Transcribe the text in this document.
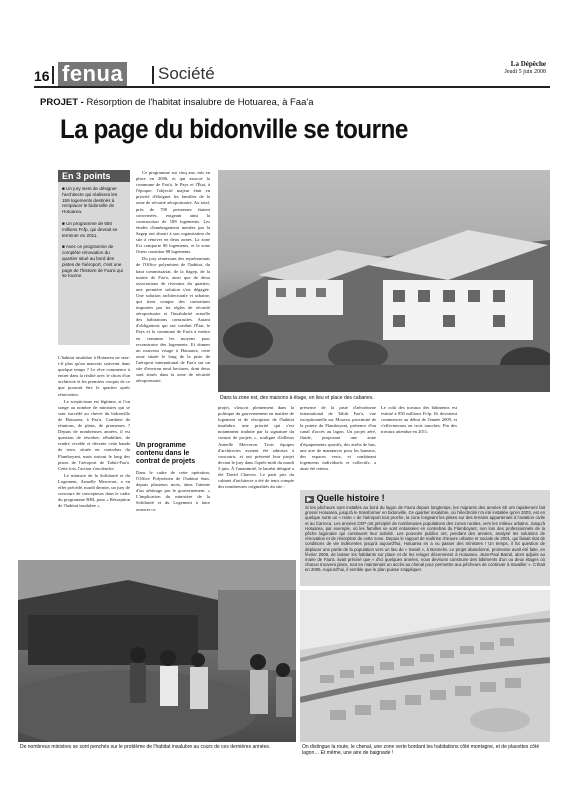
16 fenua Société	La Dépêche
Jeudi 5 juin 2008
PROJET - Résorption de l'habitat insalubre de Hotuarea, à Faa'a
La page du bidonville se tourne
En 3 points
■ Un jury vient de désigner l'architecte qui réalisera les 159 logements destinés à remplacer le bidonville de Hotuarea.
■ Un programme de 650 millions Fcfp, qui devrait se terminer en 2011.
■ Avec ce programme de complète rénovation du quartier situé au bord des pistes de l'aéroport, c'est une page de l'histoire de Faa'a qui se tourne.

L'habitat insalubre à Hotuarea ne sera-t-il plus qu'un mauvais souvenir dans quelque temps ? Le rêve commence à entrer dans la réalité avec le choix d'un architecte et les premiers croquis de ce que pourrait être le quartier après rénovation.

Le scepticisme est légitime, si l'on songe au nombre de ministres qui se sont succédé au chevet du bidonville de Hotuarea, à Faa'a. Combien de réunions, de plans, de promesses ? Depuis de nombreuses années, il est question de résorber, réhabiliter, de rendre vivable et décente cette bande de terre, située en contrebas du Flamboyant, mais surtout le long des pistes de l'aéroport de Tahiti-Faa'a. Cette fois, l'action s'enclenche.

Le ministre de la Solidarité et du Logement, Armelle Merceron, a en effet précédé, mardi dernier, un jury de concours de concepteurs dans le cadre du programme RHI, pour « Résorption de l'habitat insalubre ».

Ce programme sur cinq ans, mis en place en 2006, et qui associe la commune de Faa'a, le Pays et l'État, à l'époque, l'objectif majeur était en priorité d'éloigner les familles de la zone de sécurité aéroportuaire. Au total, près de 700 personnes étaient concernées, exigeant ainsi la construction de 188 logements. Les études d'aménagement menées par la Sagep ont abouti à son organisation du site à rénover en deux zones. La zone Est comporte 80 logements, et la zone Ouest constitue 88 logements.

Du jury réunissant des représentants de l'Office polynésien de l'habitat, du haut commissariat, de la Sagep, de la mairie de Faa'a, ainsi que de deux associations de riverains du quartier, une première solution s'est dégagée. Une solution architecturale et urbaine, qui tient compte des contraintes imposées par les règles de sécurité aéroportuaire et l'insalubrité actuelle des habitations construites. Autant d'obligations qui ont conduit l'État, le Pays et la commune de Faa'a à mettre en commun les moyens pour reconstruire des logements. Et donner un nouveau visage à Hotuarea, cette zone située le long de la piste de l'aéroport international de Faa'a sur un site d'environ neuf hectares, dont deux sont situés dans la zone de sécurité aéroportuaire.

Un programme contenu dans le contrat de projets
Dans le cadre de cette opération, l'Office Polynésien de l'habitat était, depuis plusieurs mois, dans l'attente d'un arbitrage par le gouvernement. « L'implication du ministère de la Solidarité et du Logement à faire avancer ce
Dans la zone est, des maisons à étage, en lieu et place des cabanes.
projet, s'inscrit pleinement dans la politique du gouvernement en matière de logement et de résorption de l'habitat insalubre, une priorité qui s'est notamment traduite par la signature du contrat de projets », souligne d'ailleurs Armelle Merceron. Trois équipes d'architectes avaient été admises à concourir, et ont présenté leur projet devant le jury dans l'après-midi du mardi 3 juin. À l'unanimité, le lauréat désigné a été David Chaveix. Le parti pris du cabinet d'architecte a été de tenir compte des nombreuses originalités du site :
présence de la piste d'aérodrome international de Tahiti Faa'a, vue exceptionnelle sur Moorea, proximité de la pointe du Flamboyant, présence d'un canal d'accès au lagon. Un projet aéré, fluide, proposant une zone d'équipements sportifs, des arrêts de bus, une aire de manœuvre pour les bateaux, des espaces verts, et combinant logements individuels et collectifs, a ainsi été retenu.
Le coût des travaux des bâtiments est estimé à 850 millions Fcfp. Ils devraient commencer au début de l'année 2009, et s'effectuerons en trois tranches. Fin des travaux attendue en 2011.
▶ Quelle histoire !
Si les pêcheurs sont installés au bord du lagon de Faa'a depuis longtemps, les migrants des années 60 ont rapidement fait grossir Hotuarea, jusqu'à le transformer en bidonville. Ce quartier insalubre, où l'électricité n'a été installée qu'en 2003, est en quelque sorte un « reste » de l'aéroport tout proche, la zone longeant les pistes sur des terrains appartenant à l'aviation civile et au Carreca. Les années CEP ont précipité de nombreuses populations des zones rurales, vers les milieux urbains. Jusqu'à Hotuarea, par exemple, où les familles se sont entassées en contrebas du Flamboyant, non loin des professionnels de la pêche lagonaire qui continuent leur activité. Les pouvoirs publics ont, pendant des années, analysé les solutions de rénovation et de résorption de cette zone. Depuis le rapport de maîtrise d'œuvre urbaine et sociale de 2001, qui faisait état de conditions de vie indécentes jusqu'à aujourd'hui, Hotuarea en a vu passer des ministres ! Un temps, il fut question de déplacer une partie de la population vers un lieu de « transit », à Bonnelin. Le projet abandonné, promesse avait été faite, en février 2006, de laisser les habitants sur place et de les reloger décemment à Hotuarea. Jean-Paul Barral, alors adjoint au maire de Faa'a, avait précisé que « d'ici quelques années, nous devrions construire des bâtiments d'un ou deux étages où chacun trouvera place, tout en maintenant un accès au chenal pour permettre aux pêcheurs de continuer à travailler ». C'était en 2006. Aujourd'hui, il semble que le plan puisse s'appliquer.
De nombreux ministres se sont penchés sur le problème de l'habitat insalubre au cours de ces dernières années.	On distingue la route, le chenal, une zone verte bordant les habitations côté montagne, et de placettes côté lagon… Et même, une aire de baignade !
